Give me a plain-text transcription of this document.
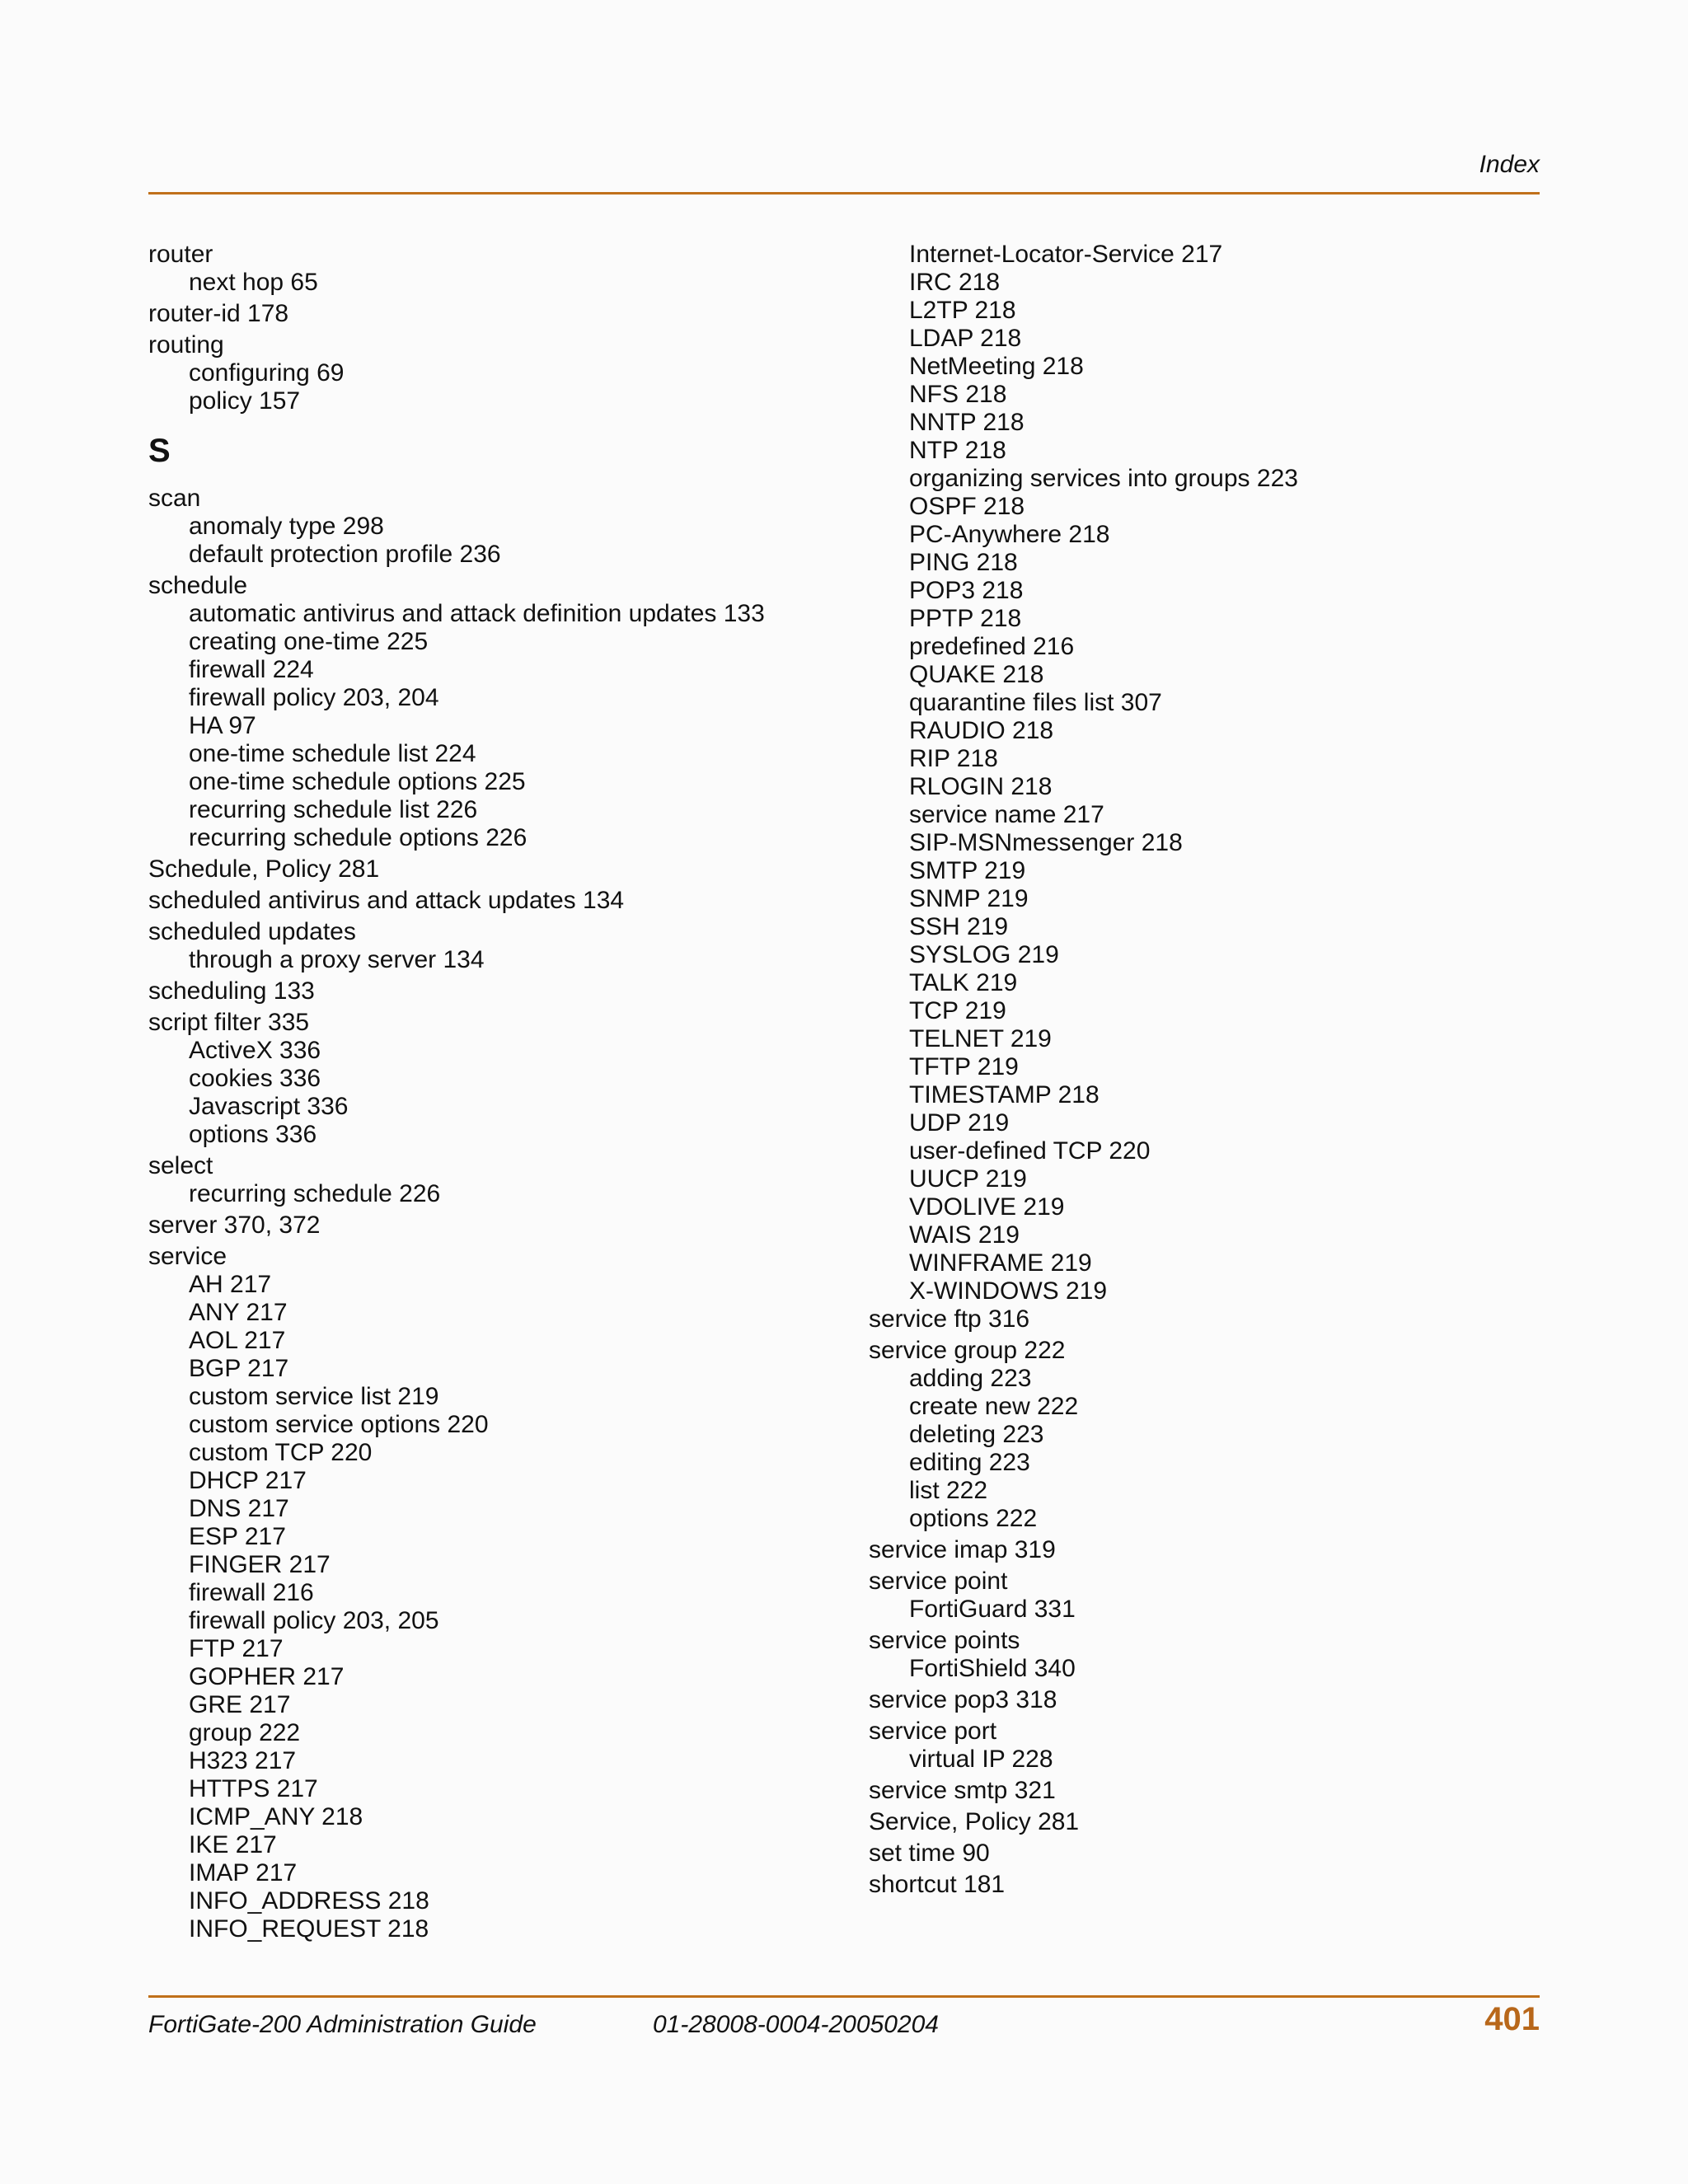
Index
router
next hop 65
router-id 178
routing
configuring 69
policy 157
S
scan
anomaly type 298
default protection profile 236
schedule
automatic antivirus and attack definition updates 133
creating one-time 225
firewall 224
firewall policy 203, 204
HA 97
one-time schedule list 224
one-time schedule options 225
recurring schedule list 226
recurring schedule options 226
Schedule, Policy 281
scheduled antivirus and attack updates 134
scheduled updates
through a proxy server 134
scheduling 133
script filter 335
ActiveX 336
cookies 336
Javascript 336
options 336
select
recurring schedule 226
server 370, 372
service
AH 217
ANY 217
AOL 217
BGP 217
custom service list 219
custom service options 220
custom TCP 220
DHCP 217
DNS 217
ESP 217
FINGER 217
firewall 216
firewall policy 203, 205
FTP 217
GOPHER 217
GRE 217
group 222
H323 217
HTTPS 217
ICMP_ANY 218
IKE 217
IMAP 217
INFO_ADDRESS 218
INFO_REQUEST 218
Internet-Locator-Service 217
IRC 218
L2TP 218
LDAP 218
NetMeeting 218
NFS 218
NNTP 218
NTP 218
organizing services into groups 223
OSPF 218
PC-Anywhere 218
PING 218
POP3 218
PPTP 218
predefined 216
QUAKE 218
quarantine files list 307
RAUDIO 218
RIP 218
RLOGIN 218
service name 217
SIP-MSNmessenger 218
SMTP 219
SNMP 219
SSH 219
SYSLOG 219
TALK 219
TCP 219
TELNET 219
TFTP 219
TIMESTAMP 218
UDP 219
user-defined TCP 220
UUCP 219
VDOLIVE 219
WAIS 219
WINFRAME 219
X-WINDOWS 219
service ftp 316
service group 222
adding 223
create new 222
deleting 223
editing 223
list 222
options 222
service imap 319
service point
FortiGuard 331
service points
FortiShield 340
service pop3 318
service port
virtual IP 228
service smtp 321
Service, Policy 281
set time 90
shortcut 181
FortiGate-200 Administration Guide	01-28008-0004-20050204	401
